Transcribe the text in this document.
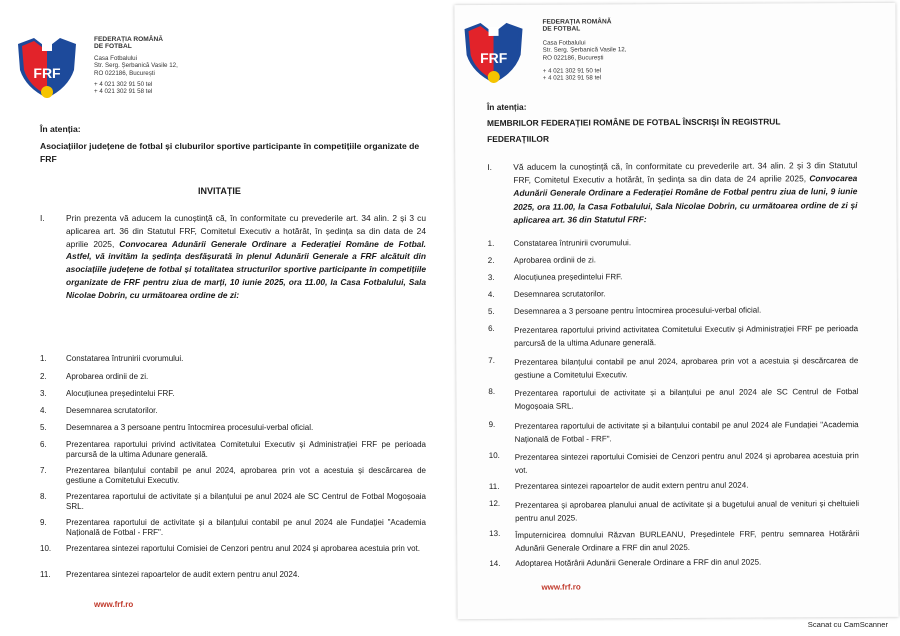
FRF
FEDERAȚIA ROMÂNĂ
DE FOTBAL
Casa Fotbalului
Str. Serg. Șerbanică Vasile 12,
RO 022186, București
+ 4 021 302 91 50 tel
+ 4 021 302 91 58 tel
În atenția:
Asociațiilor județene de fotbal și cluburilor sportive participante în competițiile organizate de FRF
INVITAȚIE
I.	Prin prezenta vă aducem la cunoștință că, în conformitate cu prevederile art. 34 alin. 2 și 3 cu aplicarea art. 36 din Statutul FRF, Comitetul Executiv a hotărât, în ședința sa din data de 24 aprilie 2025, Convocarea Adunării Generale Ordinare a Federației Române de Fotbal. Astfel, vă invităm la ședința desfășurată în plenul Adunării Generale a FRF alcătuit din asociațiile județene de fotbal și totalitatea structurilor sportive participante în competițiile organizate de FRF pentru ziua de marți, 10 iunie 2025, ora 11.00, la Casa Fotbalului, Sala Nicolae Dobrin, cu următoarea ordine de zi:
1. Constatarea întrunirii cvorumului.
2. Aprobarea ordinii de zi.
3. Alocuțiunea președintelui FRF.
4. Desemnarea scrutatorilor.
5. Desemnarea a 3 persoane pentru întocmirea procesului-verbal oficial.
6. Prezentarea raportului privind activitatea Comitetului Executiv și Administrației FRF pe perioada parcursă de la ultima Adunare generală.
7. Prezentarea bilanțului contabil pe anul 2024, aprobarea prin vot a acestuia și descărcarea de gestiune a Comitetului Executiv.
8. Prezentarea raportului de activitate și a bilanțului pe anul 2024 ale SC Centrul de Fotbal Mogoșoaia SRL.
9. Prezentarea raportului de activitate și a bilanțului contabil pe anul 2024 ale Fundației "Academia Națională de Fotbal - FRF".
10. Prezentarea sintezei raportului Comisiei de Cenzori pentru anul 2024 și aprobarea acestuia prin vot.
11. Prezentarea sintezei rapoartelor de audit extern pentru anul 2024.
www.frf.ro
FRF
FEDERAȚIA ROMÂNĂ
DE FOTBAL
Casa Fotbalului
Str. Serg. Șerbanică Vasile 12,
RO 022186, București
+ 4 021 302 91 50 tel
+ 4 021 302 91 58 tel
În atenția:
MEMBRILOR FEDERAȚIEI ROMÂNE DE FOTBAL ÎNSCRIȘI ÎN REGISTRUL FEDERAȚIILOR
I.	Vă aducem la cunoștință că, în conformitate cu prevederile art. 34 alin. 2 și 3 din Statutul FRF, Comitetul Executiv a hotărât, în ședința sa din data de 24 aprilie 2025, Convocarea Adunării Generale Ordinare a Federației Române de Fotbal pentru ziua de luni, 9 iunie 2025, ora 11.00, la Casa Fotbalului, Sala Nicolae Dobrin, cu următoarea ordine de zi și aplicarea art. 36 din Statutul FRF:
1. Constatarea întrunirii cvorumului.
2. Aprobarea ordinii de zi.
3. Alocuțiunea președintelui FRF.
4. Desemnarea scrutatorilor.
5. Desemnarea a 3 persoane pentru întocmirea procesului-verbal oficial.
6. Prezentarea raportului privind activitatea Comitetului Executiv și Administrației FRF pe perioada parcursă de la ultima Adunare generală.
7. Prezentarea bilanțului contabil pe anul 2024, aprobarea prin vot a acestuia și descărcarea de gestiune a Comitetului Executiv.
8. Prezentarea raportului de activitate și a bilanțului pe anul 2024 ale SC Centrul de Fotbal Mogoșoaia SRL.
9. Prezentarea raportului de activitate și a bilanțului contabil pe anul 2024 ale Fundației "Academia Națională de Fotbal - FRF".
10. Prezentarea sintezei raportului Comisiei de Cenzori pentru anul 2024 și aprobarea acestuia prin vot.
11. Prezentarea sintezei rapoartelor de audit extern pentru anul 2024.
12. Prezentarea și aprobarea planului anual de activitate și a bugetului anual de venituri și cheltuieli pentru anul 2025.
13. Împuternicirea domnului Răzvan BURLEANU, Președintele FRF, pentru semnarea Hotărârii Adunării Generale Ordinare a FRF din anul 2025.
14. Adoptarea Hotărârii Adunării Generale Ordinare a FRF din anul 2025.
www.frf.ro
Scanat cu CamScanner
